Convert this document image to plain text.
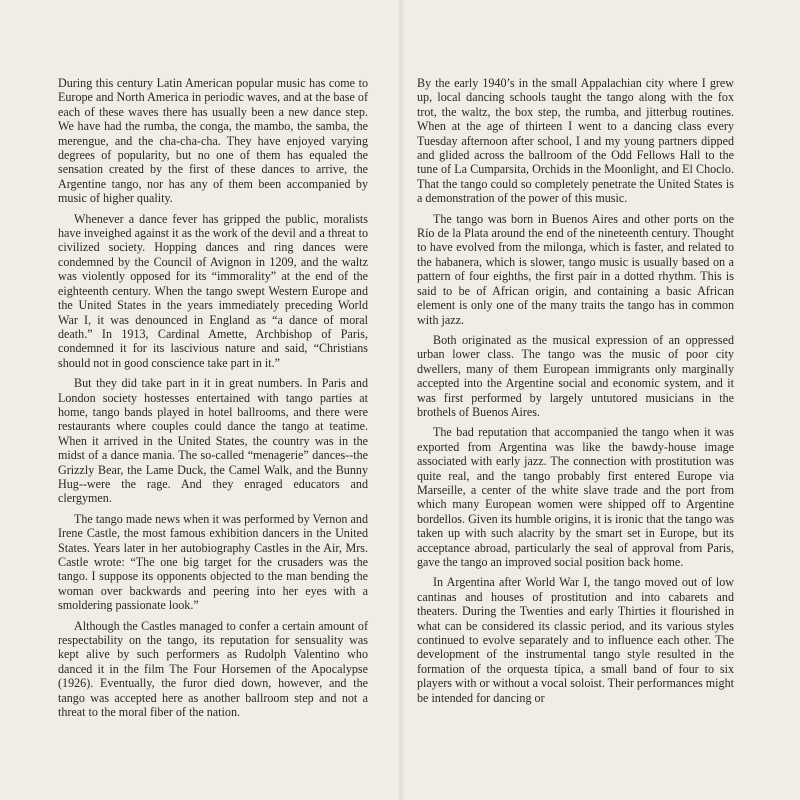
During this century Latin American popular music has come to Europe and North America in periodic waves, and at the base of each of these waves there has usually been a new dance step. We have had the rumba, the conga, the mambo, the samba, the merengue, and the cha-cha-cha. They have enjoyed varying degrees of popularity, but no one of them has equaled the sensation created by the first of these dances to arrive, the Argentine tango, nor has any of them been accompanied by music of higher quality.

Whenever a dance fever has gripped the public, moralists have inveighed against it as the work of the devil and a threat to civilized society. Hopping dances and ring dances were condemned by the Council of Avignon in 1209, and the waltz was violently opposed for its “immorality” at the end of the eighteenth century. When the tango swept Western Europe and the United States in the years immediately preceding World War I, it was denounced in England as “a dance of moral death.” In 1913, Cardinal Amette, Archbishop of Paris, condemned it for its lascivious nature and said, “Christians should not in good conscience take part in it.”

But they did take part in it in great numbers. In Paris and London society hostesses entertained with tango parties at home, tango bands played in hotel ballrooms, and there were restaurants where couples could dance the tango at teatime. When it arrived in the United States, the country was in the midst of a dance mania. The so-called “menagerie” dances--the Grizzly Bear, the Lame Duck, the Camel Walk, and the Bunny Hug--were the rage. And they enraged educators and clergymen.

The tango made news when it was performed by Vernon and Irene Castle, the most famous exhibition dancers in the United States. Years later in her autobiography Castles in the Air, Mrs. Castle wrote: “The one big target for the crusaders was the tango. I suppose its opponents objected to the man bending the woman over backwards and peering into her eyes with a smoldering passionate look.”

Although the Castles managed to confer a certain amount of respectability on the tango, its reputation for sensuality was kept alive by such performers as Rudolph Valentino who danced it in the film The Four Horsemen of the Apocalypse (1926). Eventually, the furor died down, however, and the tango was accepted here as another ballroom step and not a threat to the moral fiber of the nation.

By the early 1940’s in the small Appalachian city where I grew up, local dancing schools taught the tango along with the fox trot, the waltz, the box step, the rumba, and jitterbug routines. When at the age of thirteen I went to a dancing class every Tuesday afternoon after school, I and my young partners dipped and glided across the ballroom of the Odd Fellows Hall to the tune of La Cumparsita, Orchids in the Moonlight, and El Choclo. That the tango could so completely penetrate the United States is a demonstration of the power of this music.

The tango was born in Buenos Aires and other ports on the Río de la Plata around the end of the nineteenth century. Thought to have evolved from the milonga, which is faster, and related to the habanera, which is slower, tango music is usually based on a pattern of four eighths, the first pair in a dotted rhythm. This is said to be of African origin, and containing a basic African element is only one of the many traits the tango has in common with jazz.

Both originated as the musical expression of an oppressed urban lower class. The tango was the music of poor city dwellers, many of them European immigrants only marginally accepted into the Argentine social and economic system, and it was first performed by largely untutored musicians in the brothels of Buenos Aires.

The bad reputation that accompanied the tango when it was exported from Argentina was like the bawdy-house image associated with early jazz. The connection with prostitution was quite real, and the tango probably first entered Europe via Marseille, a center of the white slave trade and the port from which many European women were shipped off to Argentine bordellos. Given its humble origins, it is ironic that the tango was taken up with such alacrity by the smart set in Europe, but its acceptance abroad, particularly the seal of approval from Paris, gave the tango an improved social position back home.

In Argentina after World War I, the tango moved out of low cantinas and houses of prostitution and into cabarets and theaters. During the Twenties and early Thirties it flourished in what can be considered its classic period, and its various styles continued to evolve separately and to influence each other. The development of the instrumental tango style resulted in the formation of the orquesta típica, a small band of four to six players with or without a vocal soloist. Their performances might be intended for dancing or
